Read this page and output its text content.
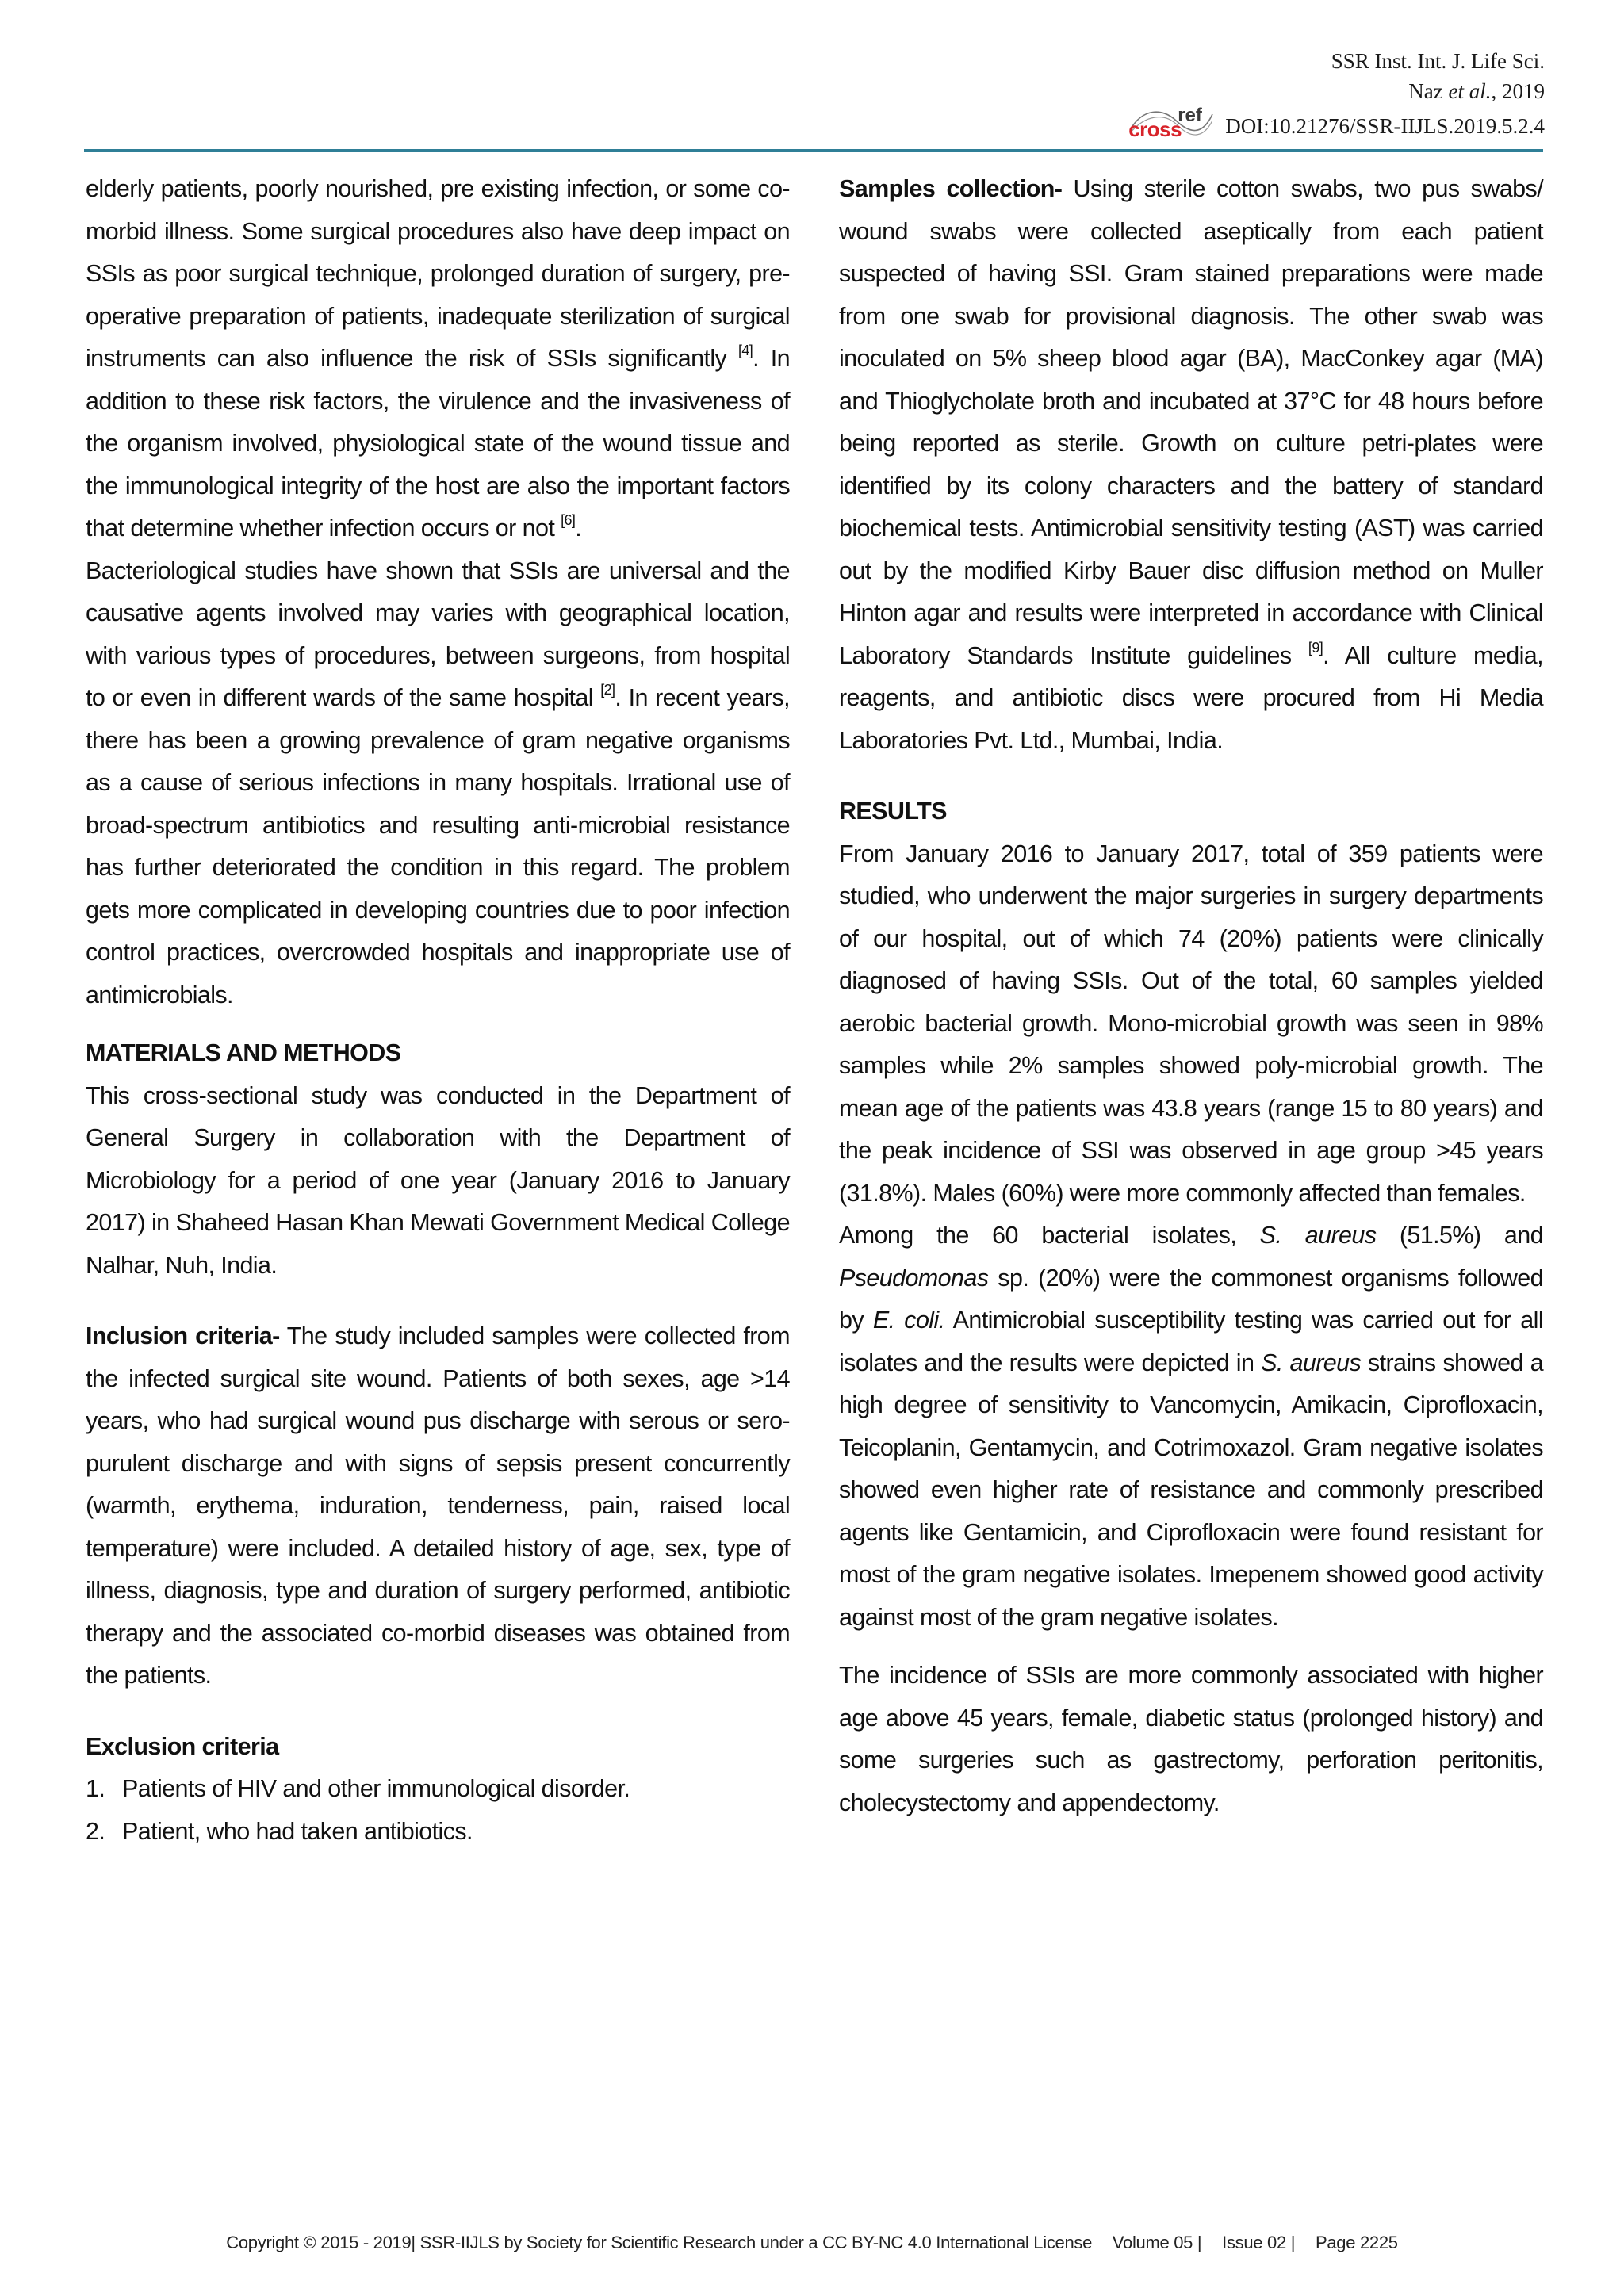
SSR Inst. Int. J. Life Sci.
Naz et al., 2019
cross
ref DOI:10.21276/SSR-IIJLS.2019.5.2.4

elderly patients, poorly nourished, pre existing infection, or some co-morbid illness. Some surgical procedures also have deep impact on SSIs as poor surgical technique, prolonged duration of surgery, pre-operative preparation of patients, inadequate sterilization of surgical instruments can also influence the risk of SSIs significantly [4]. In addition to these risk factors, the virulence and the invasiveness of the organism involved, physiological state of the wound tissue and the immunological integrity of the host are also the important factors that determine whether infection occurs or not [6].

Bacteriological studies have shown that SSIs are universal and the causative agents involved may varies with geographical location, with various types of procedures, between surgeons, from hospital to or even in different wards of the same hospital [2]. In recent years, there has been a growing prevalence of gram negative organisms as a cause of serious infections in many hospitals. Irrational use of broad-spectrum antibiotics and resulting anti-microbial resistance has further deteriorated the condition in this regard. The problem gets more complicated in developing countries due to poor infection control practices, overcrowded hospitals and inappropriate use of antimicrobials.

MATERIALS AND METHODS

This cross-sectional study was conducted in the Department of General Surgery in collaboration with the Department of Microbiology for a period of one year (January 2016 to January 2017) in Shaheed Hasan Khan Mewati Government Medical College Nalhar, Nuh, India.

Inclusion criteria- The study included samples were collected from the infected surgical site wound. Patients of both sexes, age >14 years, who had surgical wound pus discharge with serous or sero-purulent discharge and with signs of sepsis present concurrently (warmth, erythema, induration, tenderness, pain, raised local temperature) were included. A detailed history of age, sex, type of illness, diagnosis, type and duration of surgery performed, antibiotic therapy and the associated co-morbid diseases was obtained from the patients.

Exclusion criteria
1. Patients of HIV and other immunological disorder.
2. Patient, who had taken antibiotics.

Samples collection- Using sterile cotton swabs, two pus swabs/ wound swabs were collected aseptically from each patient suspected of having SSI. Gram stained preparations were made from one swab for provisional diagnosis. The other swab was inoculated on 5% sheep blood agar (BA), MacConkey agar (MA) and Thioglycholate broth and incubated at 37°C for 48 hours before being reported as sterile. Growth on culture petri-plates were identified by its colony characters and the battery of standard biochemical tests. Antimicrobial sensitivity testing (AST) was carried out by the modified Kirby Bauer disc diffusion method on Muller Hinton agar and results were interpreted in accordance with Clinical Laboratory Standards Institute guidelines [9]. All culture media, reagents, and antibiotic discs were procured from Hi Media Laboratories Pvt. Ltd., Mumbai, India.

RESULTS

From January 2016 to January 2017, total of 359 patients were studied, who underwent the major surgeries in surgery departments of our hospital, out of which 74 (20%) patients were clinically diagnosed of having SSIs. Out of the total, 60 samples yielded aerobic bacterial growth. Mono-microbial growth was seen in 98% samples while 2% samples showed poly-microbial growth. The mean age of the patients was 43.8 years (range 15 to 80 years) and the peak incidence of SSI was observed in age group >45 years (31.8%). Males (60%) were more commonly affected than females.

Among the 60 bacterial isolates, S. aureus (51.5%) and Pseudomonas sp. (20%) were the commonest organisms followed by E. coli. Antimicrobial susceptibility testing was carried out for all isolates and the results were depicted in S. aureus strains showed a high degree of sensitivity to Vancomycin, Amikacin, Ciprofloxacin, Teicoplanin, Gentamycin, and Cotrimoxazol. Gram negative isolates showed even higher rate of resistance and commonly prescribed agents like Gentamicin, and Ciprofloxacin were found resistant for most of the gram negative isolates. Imepenem showed good activity against most of the gram negative isolates.

The incidence of SSIs are more commonly associated with higher age above 45 years, female, diabetic status (prolonged history) and some surgeries such as gastrectomy, perforation peritonitis, cholecystectomy and appendectomy.

Copyright © 2015 - 2019| SSR-IIJLS by Society for Scientific Research under a CC BY-NC 4.0 International License Volume 05 | Issue 02 | Page 2225
